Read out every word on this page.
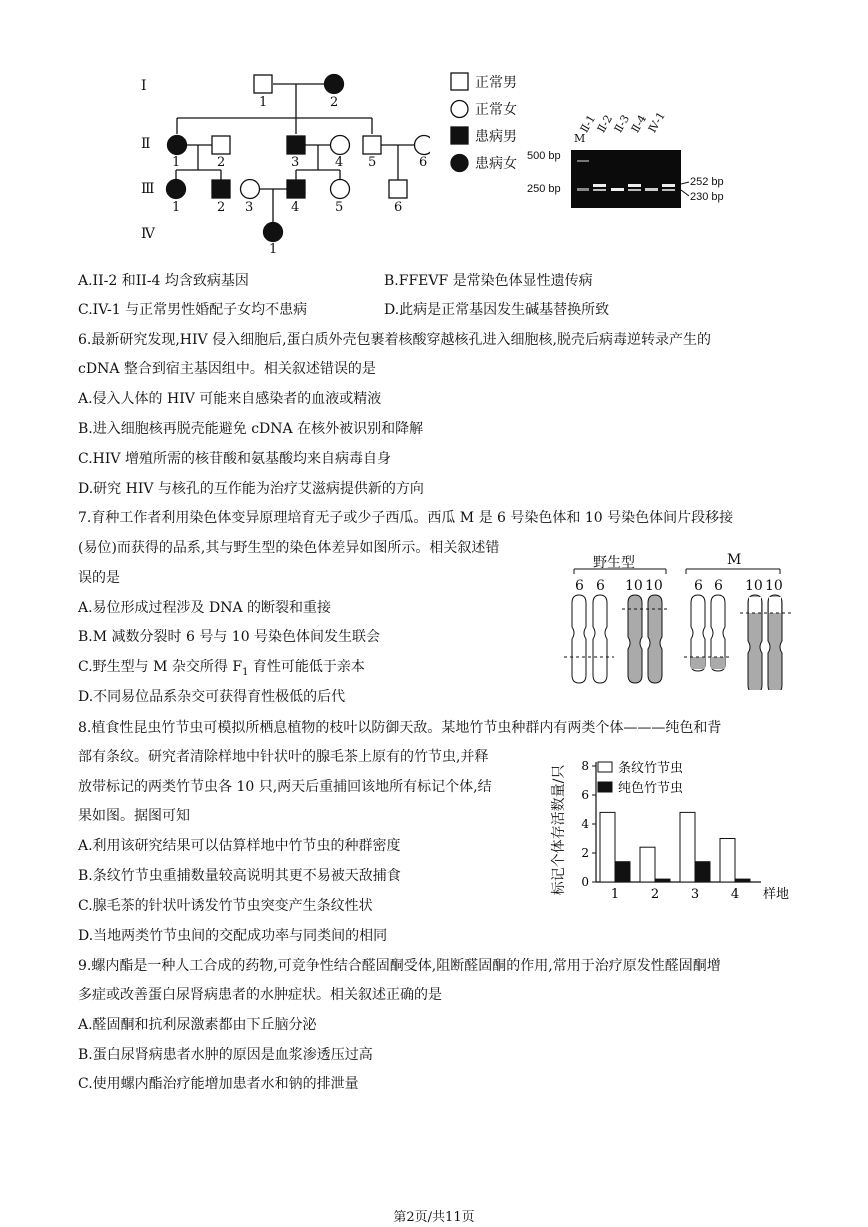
Ⅰ
Ⅱ
Ⅲ
Ⅳ
1	2
1	2	3	4 5	6
1	2 3	4	5	6
1
正常男
正常女
患病男
患病女
M
Ⅱ-1
Ⅱ-2
Ⅱ-3
Ⅱ-4
Ⅳ-1
500 bp
250 bp
252 bp
230 bp
A.II-2 和II-4 均含致病基因	B.FFEVF 是常染色体显性遗传病
C.IV-1 与正常男性婚配子女均不患病	D.此病是正常基因发生碱基替换所致
6.最新研究发现,HIV 侵入细胞后,蛋白质外壳包裹着核酸穿越核孔进入细胞核,脱壳后病毒逆转录产生的
cDNA 整合到宿主基因组中。相关叙述错误的是
A.侵入人体的 HIV 可能来自感染者的血液或精液
B.进入细胞核再脱壳能避免 cDNA 在核外被识别和降解
C.HIV 增殖所需的核苷酸和氨基酸均来自病毒自身
D.研究 HIV 与核孔的互作能为治疗艾滋病提供新的方向
7.育种工作者利用染色体变异原理培育无子或少子西瓜。西瓜 M 是 6 号染色体和 10 号染色体间片段移接
(易位)而获得的品系,其与野生型的染色体差异如图所示。相关叙述错
误的是
A.易位形成过程涉及 DNA 的断裂和重接
B.M 减数分裂时 6 号与 10 号染色体间发生联会
C.野生型与 M 杂交所得 $F_1$ 育性可能低于亲本
D.不同易位品系杂交可获得育性极低的后代
野生型	M
6 6 10 10 6 6 10 10
8.植食性昆虫竹节虫可模拟所栖息植物的枝叶以防御天敌。某地竹节虫种群内有两类个体———纯色和背
部有条纹。研究者清除样地中针状叶的腺毛茶上原有的竹节虫,并释
放带标记的两类竹节虫各 10 只,两天后重捕回该地所有标记个体,结
果如图。据图可知
A.利用该研究结果可以估算样地中竹节虫的种群密度
B.条纹竹节虫重捕数量较高说明其更不易被天敌捕食
C.腺毛茶的针状叶诱发竹节虫突变产生条纹性状
D.当地两类竹节虫间的交配成功率与同类间的相同
标记个体存活数量/只 0
2
4
6
8
1 2 3 4 样地
条纹竹节虫
纯色竹节虫
9.螺内酯是一种人工合成的药物,可竞争性结合醛固酮受体,阻断醛固酮的作用,常用于治疗原发性醛固酮增
多症或改善蛋白尿肾病患者的水肿症状。相关叙述正确的是
A.醛固酮和抗利尿激素都由下丘脑分泌
B.蛋白尿肾病患者水肿的原因是血浆渗透压过高
C.使用螺内酯治疗能增加患者水和钠的排泄量
第2页/共11页
